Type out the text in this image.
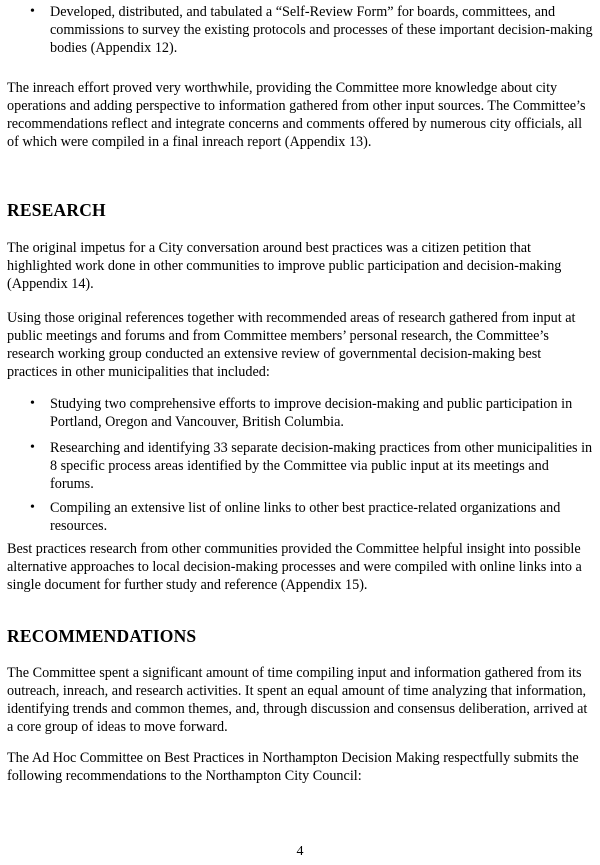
•	Developed, distributed, and tabulated a “Self-Review Form” for boards, committees, and commissions to survey the existing protocols and processes of these important decision-making bodies (Appendix 12).

The inreach effort proved very worthwhile, providing the Committee more knowledge about city operations and adding perspective to information gathered from other input sources. The Committee’s recommendations reflect and integrate concerns and comments offered by numerous city officials, all of which were compiled in a final inreach report (Appendix 13).

RESEARCH

The original impetus for a City conversation around best practices was a citizen petition that highlighted work done in other communities to improve public participation and decision-making (Appendix 14).

Using those original references together with recommended areas of research gathered from input at public meetings and forums and from Committee members’ personal research, the Committee’s research working group conducted an extensive review of governmental decision-making best practices in other municipalities that included:

•	Studying two comprehensive efforts to improve decision-making and public participation in Portland, Oregon and Vancouver, British Columbia.

•	Researching and identifying 33 separate decision-making practices from other municipalities in 8 specific process areas identified by the Committee via public input at its meetings and forums.

•	Compiling an extensive list of online links to other best practice-related organizations and resources.

Best practices research from other communities provided the Committee helpful insight into possible alternative approaches to local decision-making processes and were compiled with online links into a single document for further study and reference (Appendix 15).

RECOMMENDATIONS

The Committee spent a significant amount of time compiling input and information gathered from its outreach, inreach, and research activities. It spent an equal amount of time analyzing that information, identifying trends and common themes, and, through discussion and consensus deliberation, arrived at a core group of ideas to move forward.

The Ad Hoc Committee on Best Practices in Northampton Decision Making respectfully submits the following recommendations to the Northampton City Council:

4
